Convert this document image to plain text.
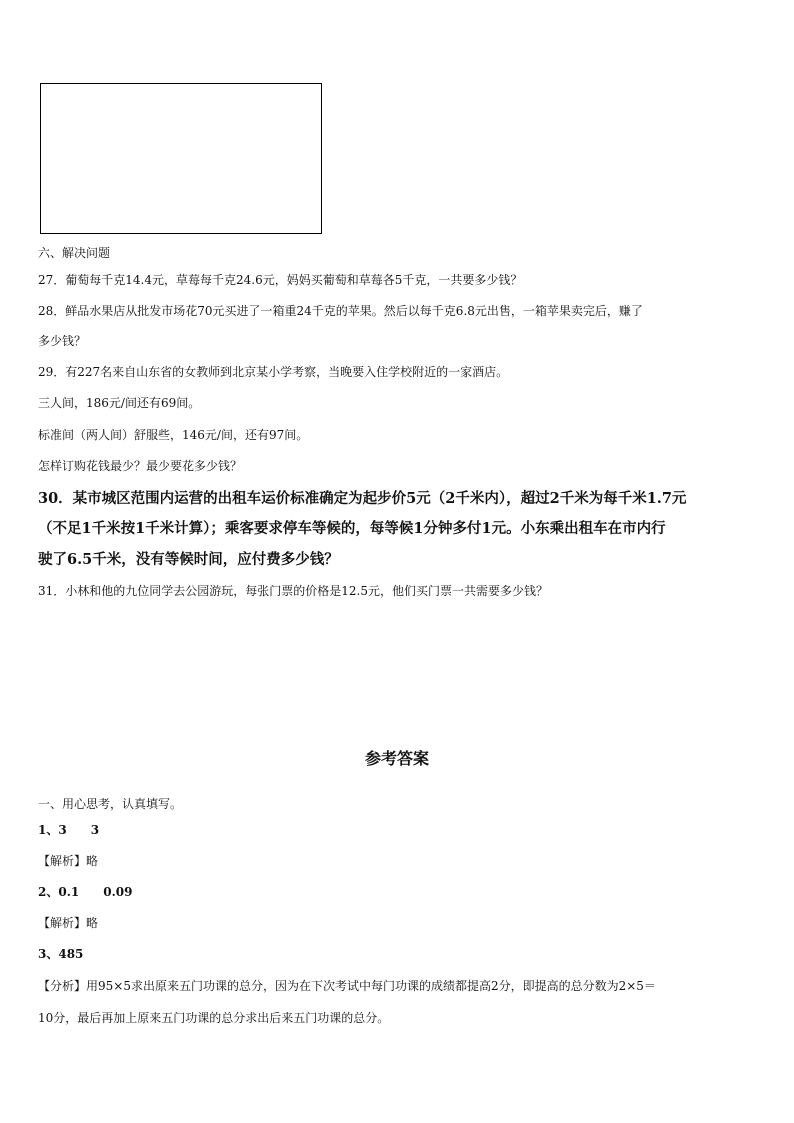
六、解决问题
27．葡萄每千克14.4元，草莓每千克24.6元，妈妈买葡萄和草莓各5千克，一共要多少钱？
28．鲜品水果店从批发市场花70元买进了一箱重24千克的苹果。然后以每千克6.8元出售，一箱苹果卖完后，赚了
多少钱？
29．有227名来自山东省的女教师到北京某小学考察，当晚要入住学校附近的一家酒店。
三人间，186元/间还有69间。
标准间（两人间）舒服些，146元/间，还有97间。
怎样订购花钱最少？最少要花多少钱？
30．某市城区范围内运营的出租车运价标准确定为起步价5元（2千米内），超过2千米为每千米1.7元
（不足1千米按1千米计算）；乘客要求停车等候的，每等候1分钟多付1元。小东乘出租车在市内行
驶了6.5千米，没有等候时间，应付费多少钱？
31．小林和他的九位同学去公园游玩，每张门票的价格是12.5元，他们买门票一共需要多少钱？
参考答案
一、用心思考，认真填写。
1、3　　3
【解析】略
2、0.1　　0.09
【解析】略
3、485
【分析】用95×5求出原来五门功课的总分，因为在下次考试中每门功课的成绩都提高2分，即提高的总分数为2×5＝
10分，最后再加上原来五门功课的总分求出后来五门功课的总分。
